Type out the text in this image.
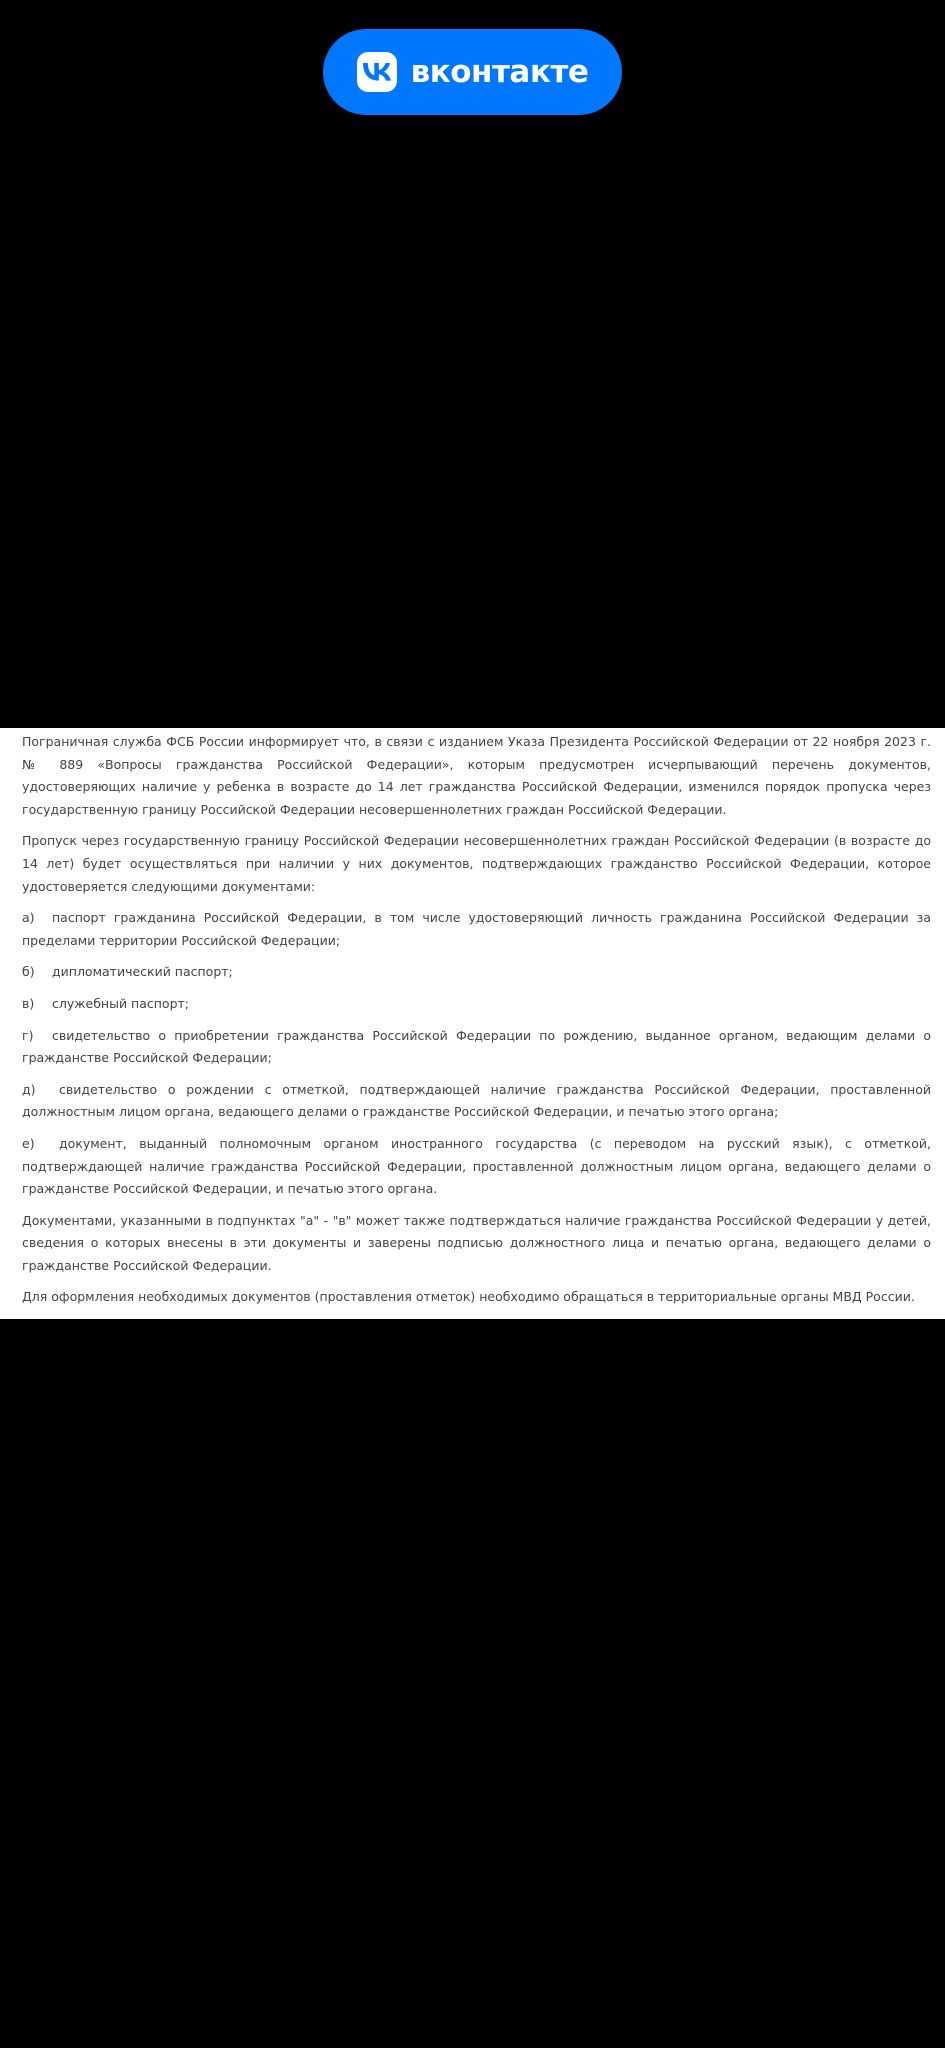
вконтакте

Пограничная служба ФСБ России информирует что, в связи с изданием Указа Президента Российской Федерации от 22 ноября 2023 г. № 889 «Вопросы гражданства Российской Федерации», которым предусмотрен исчерпывающий перечень документов, удостоверяющих наличие у ребенка в возрасте до 14 лет гражданства Российской Федерации, изменился порядок пропуска через государственную границу Российской Федерации несовершеннолетних граждан Российской Федерации.

Пропуск через государственную границу Российской Федерации несовершеннолетних граждан Российской Федерации (в возрасте до 14 лет) будет осуществляться при наличии у них документов, подтверждающих гражданство Российской Федерации, которое удостоверяется следующими документами:

а) паспорт гражданина Российской Федерации, в том числе удостоверяющий личность гражданина Российской Федерации за пределами территории Российской Федерации;

б) дипломатический паспорт;

в) служебный паспорт;

г) свидетельство о приобретении гражданства Российской Федерации по рождению, выданное органом, ведающим делами о гражданстве Российской Федерации;

д) свидетельство о рождении с отметкой, подтверждающей наличие гражданства Российской Федерации, проставленной должностным лицом органа, ведающего делами о гражданстве Российской Федерации, и печатью этого органа;

е) документ, выданный полномочным органом иностранного государства (с переводом на русский язык), с отметкой, подтверждающей наличие гражданства Российской Федерации, проставленной должностным лицом органа, ведающего делами о гражданстве Российской Федерации, и печатью этого органа.

Документами, указанными в подпунктах "а" - "в" может также подтверждаться наличие гражданства Российской Федерации у детей, сведения о которых внесены в эти документы и заверены подписью должностного лица и печатью органа, ведающего делами о гражданстве Российской Федерации.

Для оформления необходимых документов (проставления отметок) необходимо обращаться в территориальные органы МВД России.
